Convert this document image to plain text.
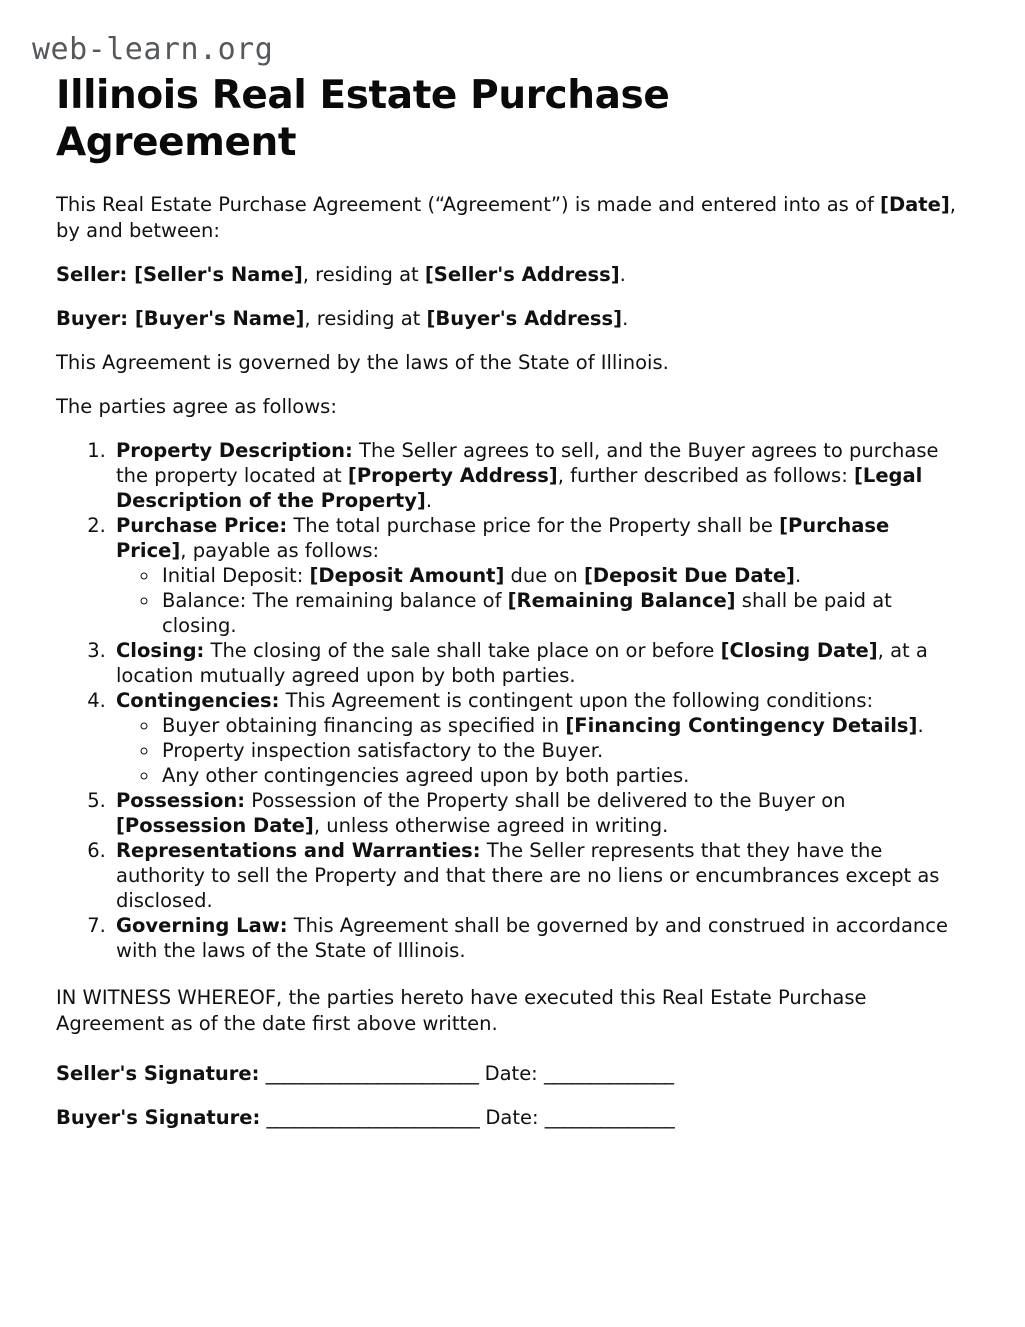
web-learn.org
Illinois Real Estate Purchase Agreement

This Real Estate Purchase Agreement (“Agreement”) is made and entered into as of [Date], by and between:

Seller: [Seller's Name], residing at [Seller's Address].

Buyer: [Buyer's Name], residing at [Buyer's Address].

This Agreement is governed by the laws of the State of Illinois.

The parties agree as follows:

1. Property Description: The Seller agrees to sell, and the Buyer agrees to purchase the property located at [Property Address], further described as follows: [Legal Description of the Property].
2. Purchase Price: The total purchase price for the Property shall be [Purchase Price], payable as follows:
◦ Initial Deposit: [Deposit Amount] due on [Deposit Due Date].
◦ Balance: The remaining balance of [Remaining Balance] shall be paid at closing.
3. Closing: The closing of the sale shall take place on or before [Closing Date], at a location mutually agreed upon by both parties.
4. Contingencies: This Agreement is contingent upon the following conditions:
◦ Buyer obtaining financing as specified in [Financing Contingency Details].
◦ Property inspection satisfactory to the Buyer.
◦ Any other contingencies agreed upon by both parties.
5. Possession: Possession of the Property shall be delivered to the Buyer on [Possession Date], unless otherwise agreed in writing.
6. Representations and Warranties: The Seller represents that they have the authority to sell the Property and that there are no liens or encumbrances except as disclosed.
7. Governing Law: This Agreement shall be governed by and construed in accordance with the laws of the State of Illinois.

IN WITNESS WHEREOF, the parties hereto have executed this Real Estate Purchase Agreement as of the date first above written.

Seller's Signature: _______________________ Date: ______________
Buyer's Signature: _______________________ Date: ______________
